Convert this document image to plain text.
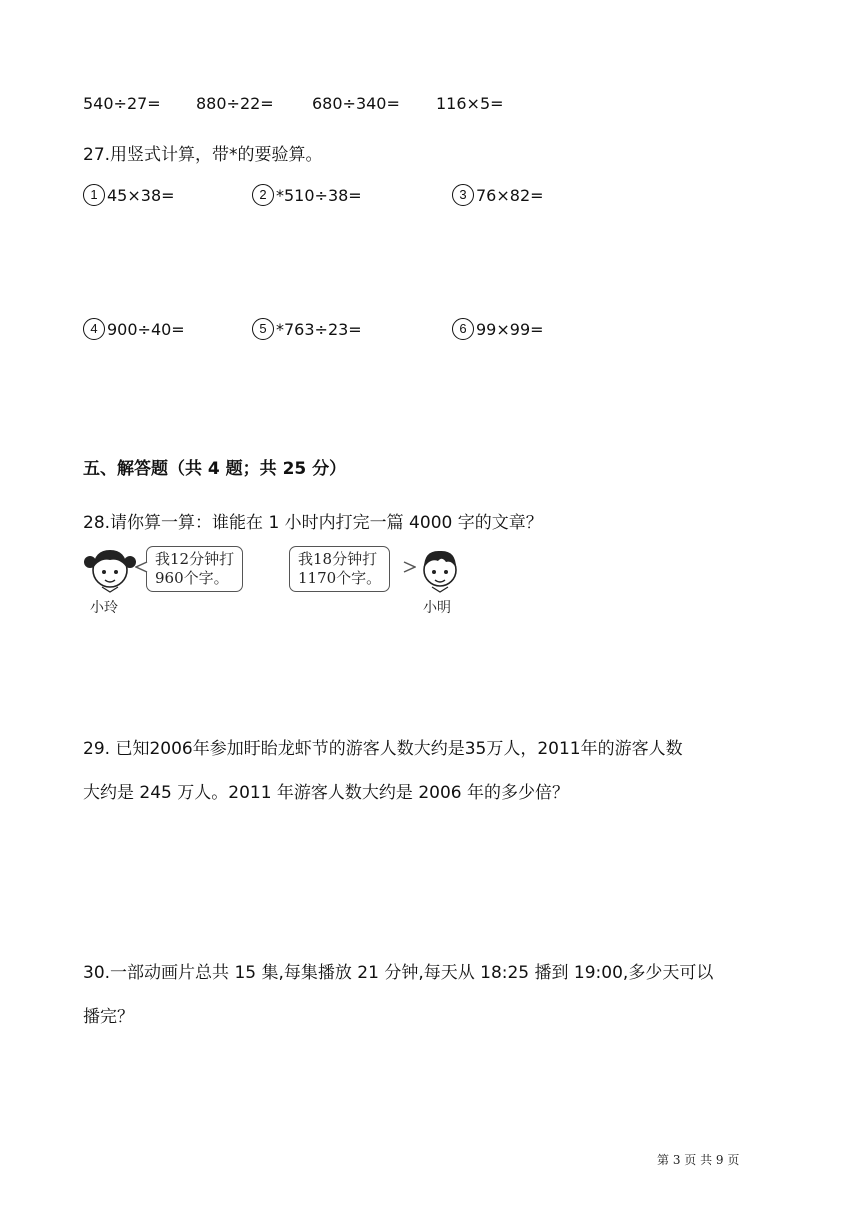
540÷27= 880÷22= 680÷340= 116×5=
27.用竖式计算，带*的要验算。
1 45×38=	2 *510÷38=	3 76×82=
4 900÷40=	5 *763÷23=	6 99×99=
五、解答题（共 4 题；共 25 分）
28.请你算一算：谁能在 1 小时内打完一篇 4000 字的文章？
小玲
我12分钟打
960个字。
我18分钟打
1170个字。
小明
29. 已知2006年参加盱眙龙虾节的游客人数大约是35万人，2011年的游客人数
大约是 245 万人。2011 年游客人数大约是 2006 年的多少倍？
30.一部动画片总共 15 集,每集播放 21 分钟,每天从 18:25 播到 19:00,多少天可以
播完？
第 3 页 共 9 页
